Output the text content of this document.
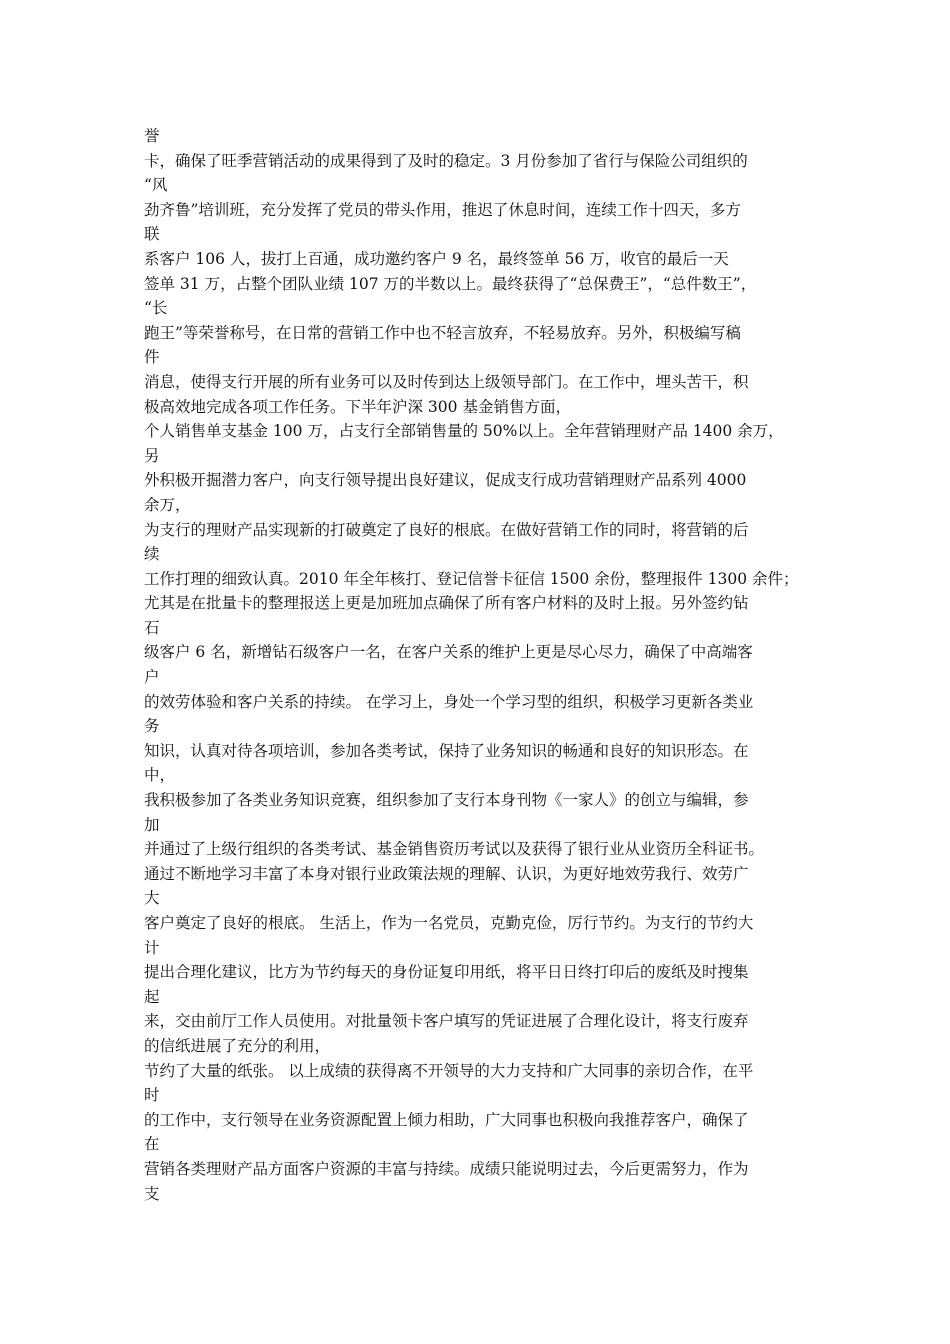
誉
卡，确保了旺季营销活动的成果得到了及时的稳定。3 月份参加了省行与保险公司组织的
“风
劲齐鲁”培训班，充分发挥了党员的带头作用，推迟了休息时间，连续工作十四天，多方
联
系客户 106 人，拔打上百通，成功邀约客户 9 名，最终签单 56 万，收官的最后一天
签单 31 万，占整个团队业绩 107 万的半数以上。最终获得了“总保费王”，“总件数王”，
“长
跑王”等荣誉称号，在日常的营销工作中也不轻言放弃，不轻易放弃。另外，积极编写稿
件
消息，使得支行开展的所有业务可以及时传到达上级领导部门。在工作中，埋头苦干，积
极高效地完成各项工作任务。下半年沪深 300 基金销售方面，
个人销售单支基金 100 万，占支行全部销售量的 50%以上。全年营销理财产品 1400 余万，
另
外积极开掘潜力客户，向支行领导提出良好建议，促成支行成功营销理财产品系列 4000
余万，
为支行的理财产品实现新的打破奠定了良好的根底。在做好营销工作的同时，将营销的后
续
工作打理的细致认真。2010 年全年核打、登记信誉卡征信 1500 余份，整理报件 1300 余件；
尤其是在批量卡的整理报送上更是加班加点确保了所有客户材料的及时上报。另外签约钻
石
级客户 6 名，新增钻石级客户一名，在客户关系的维护上更是尽心尽力，确保了中高端客
户
的效劳体验和客户关系的持续。 在学习上，身处一个学习型的组织，积极学习更新各类业
务
知识，认真对待各项培训，参加各类考试，保持了业务知识的畅通和良好的知识形态。在
中，
我积极参加了各类业务知识竞赛，组织参加了支行本身刊物《一家人》的创立与编辑，参
加
并通过了上级行组织的各类考试、基金销售资历考试以及获得了银行业从业资历全科证书。
通过不断地学习丰富了本身对银行业政策法规的理解、认识，为更好地效劳我行、效劳广
大
客户奠定了良好的根底。 生活上，作为一名党员，克勤克俭，厉行节约。为支行的节约大
计
提出合理化建议，比方为节约每天的身份证复印用纸，将平日日终打印后的废纸及时搜集
起
来，交由前厅工作人员使用。对批量领卡客户填写的凭证进展了合理化设计，将支行废弃
的信纸进展了充分的利用，
节约了大量的纸张。 以上成绩的获得离不开领导的大力支持和广大同事的亲切合作，在平
时
的工作中，支行领导在业务资源配置上倾力相助，广大同事也积极向我推荐客户，确保了
在
营销各类理财产品方面客户资源的丰富与持续。成绩只能说明过去，今后更需努力，作为
支
